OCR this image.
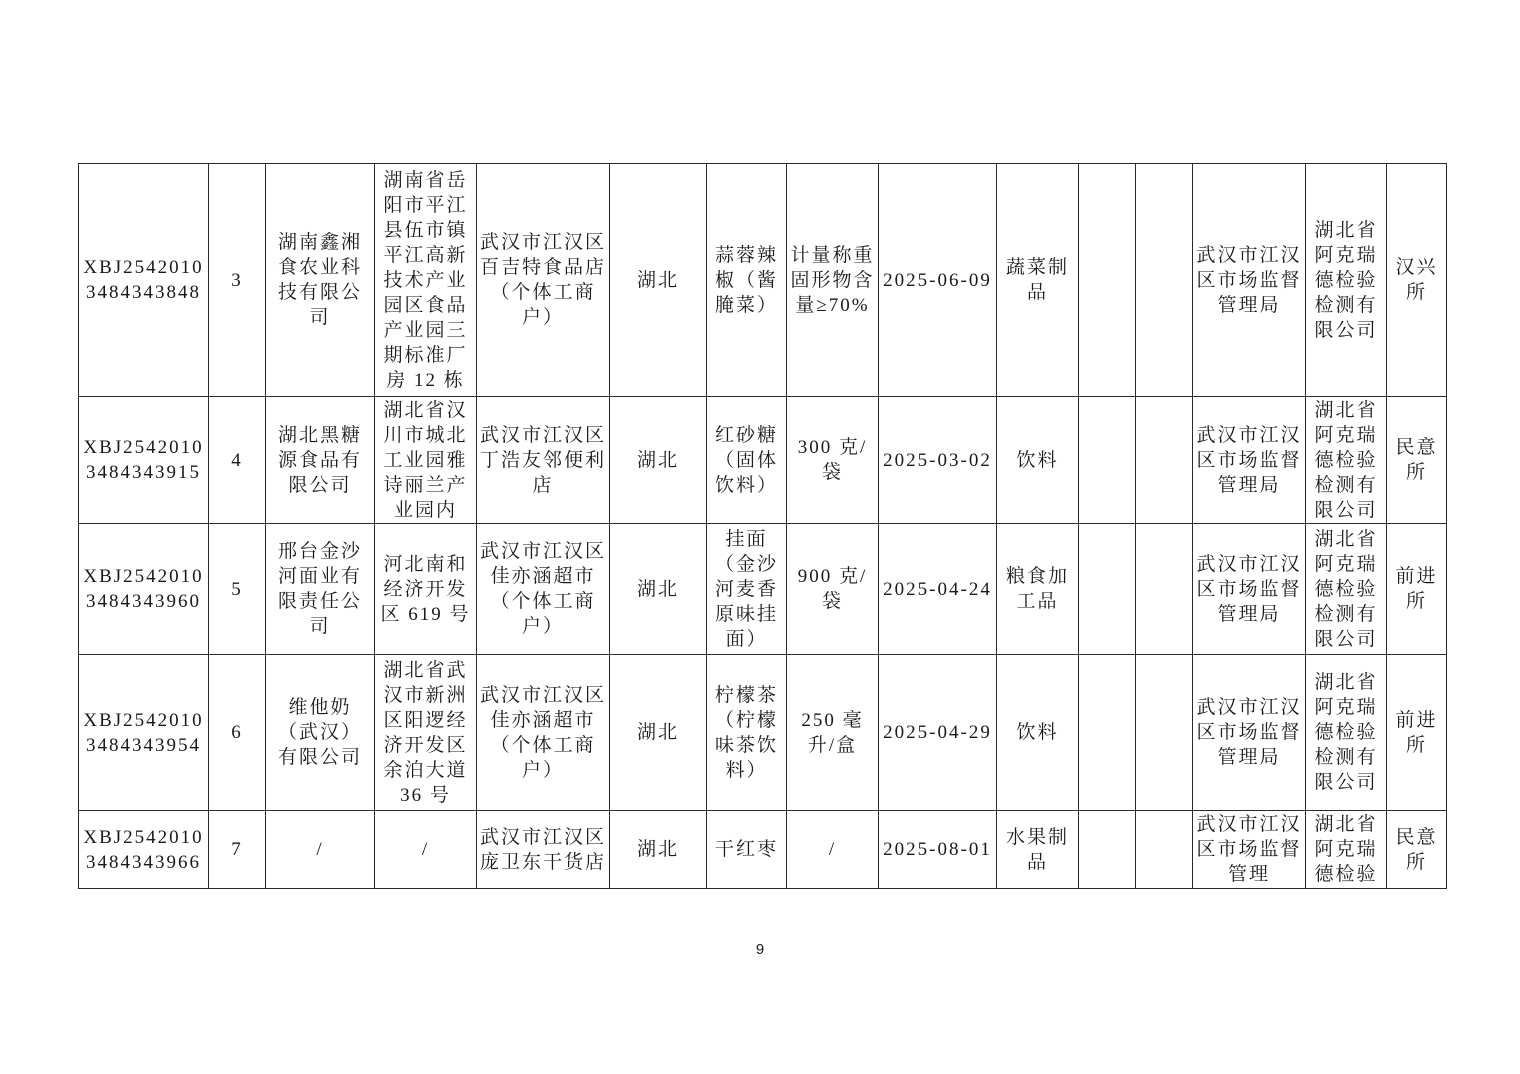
XBJ25420103484343848	3	湖南鑫湘食农业科技有限公司	湖南省岳阳市平江县伍市镇平江高新技术产业园区食品产业园三期标准厂房 12 栋	武汉市江汉区百吉特食品店（个体工商户）	湖北	蒜蓉辣椒（酱腌菜）	计量称重 固形物含量≥70%	2025-06-09	蔬菜制品			武汉市江汉区市场监督管理局	湖北省阿克瑞德检验检测有限公司	汉兴所
XBJ25420103484343915	4	湖北黑糖源食品有限公司	湖北省汉川市城北工业园雅诗丽兰产业园内	武汉市江汉区丁浩友邻便利店	湖北	红砂糖（固体饮料）	300 克/袋	2025-03-02	饮料			武汉市江汉区市场监督管理局	湖北省阿克瑞德检验检测有限公司	民意所
XBJ25420103484343960	5	邢台金沙河面业有限责任公司	河北南和经济开发区 619 号	武汉市江汉区佳亦涵超市（个体工商户）	湖北	挂面（金沙河麦香原味挂面）	900 克/袋	2025-04-24	粮食加工品			武汉市江汉区市场监督管理局	湖北省阿克瑞德检验检测有限公司	前进所
XBJ25420103484343954	6	维他奶（武汉）有限公司	湖北省武汉市新洲区阳逻经济开发区余泊大道 36 号	武汉市江汉区佳亦涵超市（个体工商户）	湖北	柠檬茶（柠檬味茶饮料）	250 毫升/盒	2025-04-29	饮料			武汉市江汉区市场监督管理局	湖北省阿克瑞德检验检测有限公司	前进所
XBJ25420103484343966	7	/	/	武汉市江汉区庞卫东干货店	湖北	干红枣	/	2025-08-01	水果制品			武汉市江汉区市场监督管理	湖北省阿克瑞德检验	民意所
9
